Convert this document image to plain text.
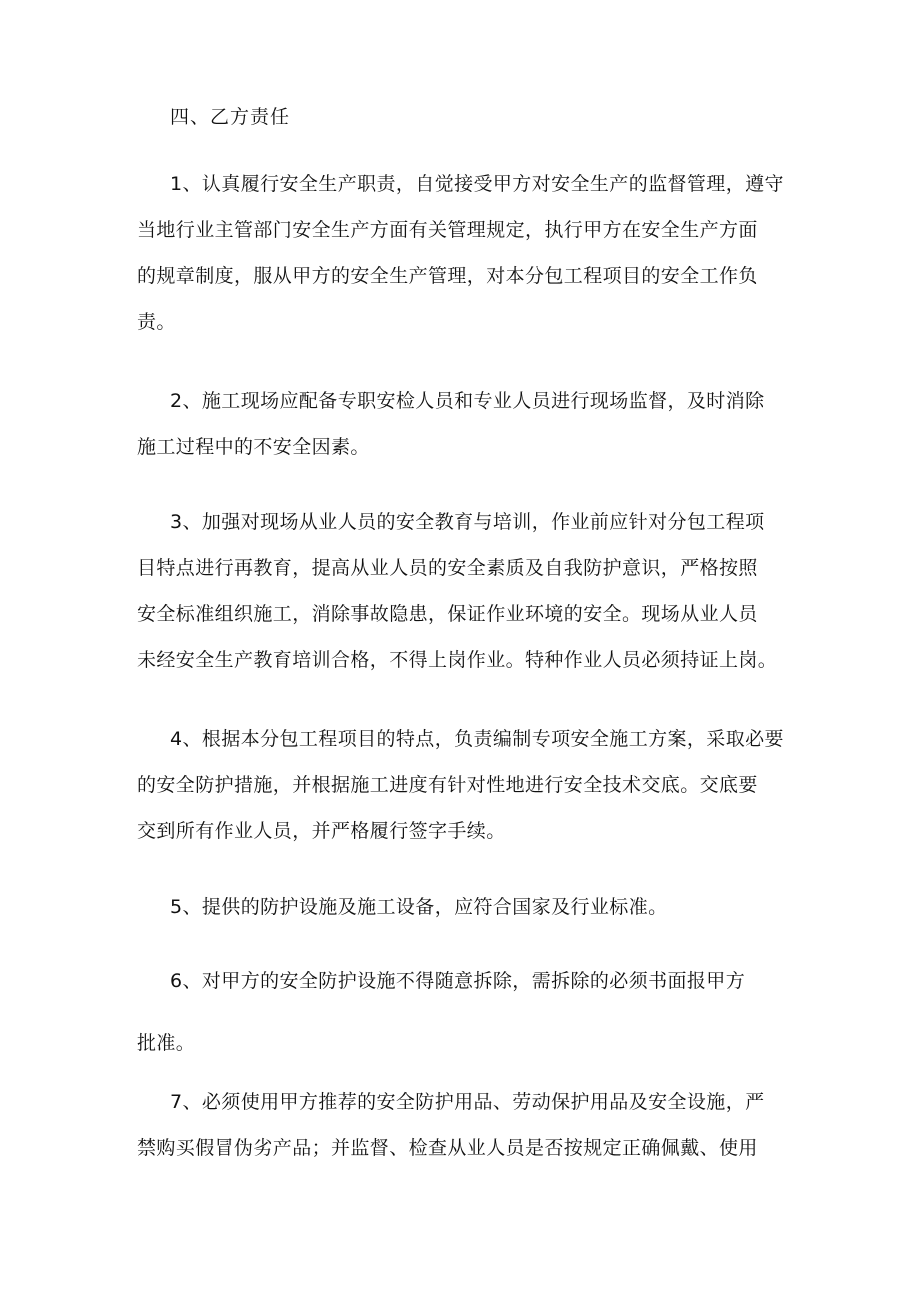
四、乙方责任
1、认真履行安全生产职责，自觉接受甲方对安全生产的监督管理，遵守
当地行业主管部门安全生产方面有关管理规定，执行甲方在安全生产方面
的规章制度，服从甲方的安全生产管理，对本分包工程项目的安全工作负
责。
2、施工现场应配备专职安检人员和专业人员进行现场监督，及时消除
施工过程中的不安全因素。
3、加强对现场从业人员的安全教育与培训，作业前应针对分包工程项
目特点进行再教育，提高从业人员的安全素质及自我防护意识，严格按照
安全标准组织施工，消除事故隐患，保证作业环境的安全。现场从业人员
未经安全生产教育培训合格，不得上岗作业。特种作业人员必须持证上岗。
4、根据本分包工程项目的特点，负责编制专项安全施工方案，采取必要
的安全防护措施，并根据施工进度有针对性地进行安全技术交底。交底要
交到所有作业人员，并严格履行签字手续。
5、提供的防护设施及施工设备，应符合国家及行业标准。
6、对甲方的安全防护设施不得随意拆除，需拆除的必须书面报甲方
批准。
7、必须使用甲方推荐的安全防护用品、劳动保护用品及安全设施，严
禁购买假冒伪劣产品；并监督、检查从业人员是否按规定正确佩戴、使用
